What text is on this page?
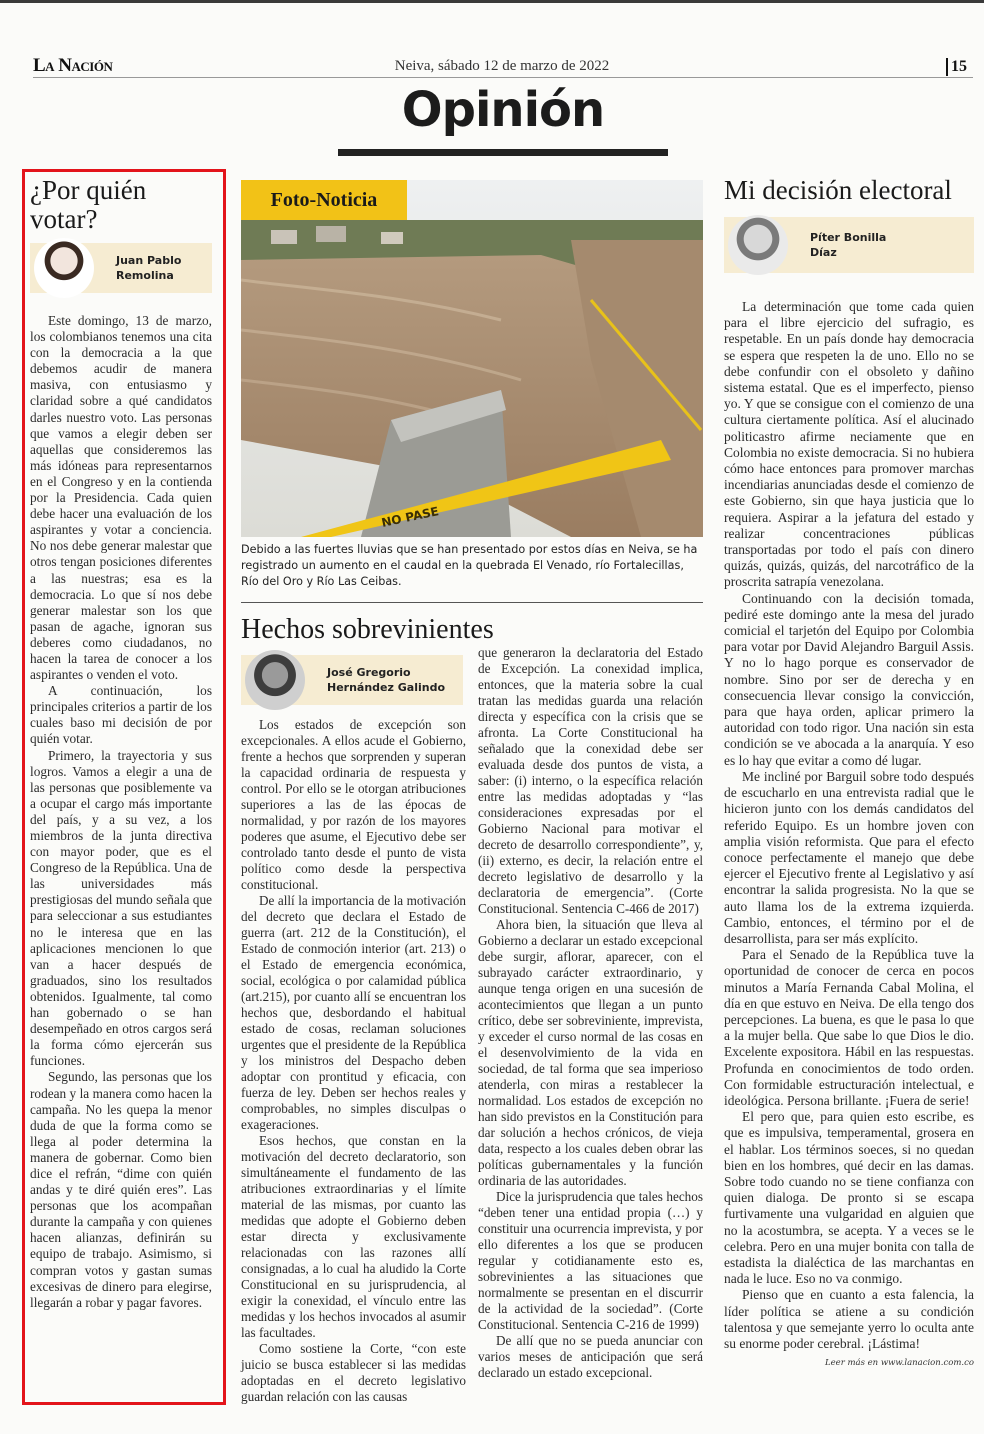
La Nación	Neiva, sábado 12 de marzo de 2022	15
Opinión
¿Por quién votar?
Juan Pablo
Remolina

Este domingo, 13 de marzo, los colombianos tenemos una cita con la democracia a la que debemos acudir de manera masiva, con entusiasmo y claridad sobre a qué candidatos darles nuestro voto. Las personas que vamos a elegir deben ser aquellas que consideremos las más idóneas para representarnos en el Congreso y en la contienda por la Presidencia. Cada quien debe hacer una evaluación de los aspirantes y votar a conciencia. No nos debe generar malestar que otros tengan posiciones diferentes a las nuestras; esa es la democracia. Lo que sí nos debe generar malestar son los que pasan de agache, ignoran sus deberes como ciudadanos, no hacen la tarea de conocer a los aspirantes o venden el voto.

A continuación, los principales criterios a partir de los cuales baso mi decisión de por quién votar.

Primero, la trayectoria y sus logros. Vamos a elegir a una de las personas que posiblemente va a ocupar el cargo más importante del país, y a su vez, a los miembros de la junta directiva con mayor poder, que es el Congreso de la República. Una de las universidades más prestigiosas del mundo señala que para seleccionar a sus estudiantes no le interesa que en las aplicaciones mencionen lo que van a hacer después de graduados, sino los resultados obtenidos. Igualmente, tal como han gobernado o se han desempeñado en otros cargos será la forma cómo ejercerán sus funciones.

Segundo, las personas que los rodean y la manera como hacen la campaña. No les quepa la menor duda de que la forma como se llega al poder determina la manera de gobernar. Como bien dice el refrán, “dime con quién andas y te diré quién eres”. Las personas que los acompañan durante la campaña y con quienes hacen alianzas, definirán su equipo de trabajo. Asimismo, si compran votos y gastan sumas excesivas de dinero para elegirse, llegarán a robar y pagar favores.

Foto-Noticia
NO PASE
Debido a las fuertes lluvias que se han presentado por estos días en Neiva, se ha registrado un aumento en el caudal en la quebrada El Venado, río Fortalecillas, Río del Oro y Río Las Ceibas.
Hechos sobrevinientes
José Gregorio
Hernández Galindo

Los estados de excepción son excepcionales. A ellos acude el Gobierno, frente a hechos que sorprenden y superan la capacidad ordinaria de respuesta y control. Por ello se le otorgan atribuciones superiores a las de las épocas de normalidad, y por razón de los mayores poderes que asume, el Ejecutivo debe ser controlado tanto desde el punto de vista político como desde la perspectiva constitucional.

De allí la importancia de la motivación del decreto que declara el Estado de guerra (art. 212 de la Constitución), el Estado de conmoción interior (art. 213) o el Estado de emergencia económica, social, ecológica o por calamidad pública (art.215), por cuanto allí se encuentran los hechos que, desbordando el habitual estado de cosas, reclaman soluciones urgentes que el presidente de la República y los ministros del Despacho deben adoptar con prontitud y eficacia, con fuerza de ley. Deben ser hechos reales y comprobables, no simples disculpas o exageraciones.

Esos hechos, que constan en la motivación del decreto declaratorio, son simultáneamente el fundamento de las atribuciones extraordinarias y el límite material de las mismas, por cuanto las medidas que adopte el Gobierno deben estar directa y exclusivamente relacionadas con las razones allí consignadas, a lo cual ha aludido la Corte Constitucional en su jurisprudencia, al exigir la conexidad, el vínculo entre las medidas y los hechos invocados al asumir las facultades.

Como sostiene la Corte, “con este juicio se busca establecer si las medidas adoptadas en el decreto legislativo guardan relación con las causas

que generaron la declaratoria del Estado de Excepción. La conexidad implica, entonces, que la materia sobre la cual tratan las medidas guarda una relación directa y específica con la crisis que se afronta. La Corte Constitucional ha señalado que la conexidad debe ser evaluada desde dos puntos de vista, a saber: (i) interno, o la específica relación entre las medidas adoptadas y “las consideraciones expresadas por el Gobierno Nacional para motivar el decreto de desarrollo correspondiente”, y, (ii) externo, es decir, la relación entre el decreto legislativo de desarrollo y la declaratoria de emergencia”. (Corte Constitucional. Sentencia C-466 de 2017)

Ahora bien, la situación que lleva al Gobierno a declarar un estado excepcional debe surgir, aflorar, aparecer, con el subrayado carácter extraordinario, y aunque tenga origen en una sucesión de acontecimientos que llegan a un punto crítico, debe ser sobreviniente, imprevista, y exceder el curso normal de las cosas en el desenvolvimiento de la vida en sociedad, de tal forma que sea imperioso atenderla, con miras a restablecer la normalidad. Los estados de excepción no han sido previstos en la Constitución para dar solución a hechos crónicos, de vieja data, respecto a los cuales deben obrar las políticas gubernamentales y la función ordinaria de las autoridades.

Dice la jurisprudencia que tales hechos “deben tener una entidad propia (…) y constituir una ocurrencia imprevista, y por ello diferentes a los que se producen regular y cotidianamente esto es, sobrevinientes a las situaciones que normalmente se presentan en el discurrir de la actividad de la sociedad”. (Corte Constitucional. Sentencia C-216 de 1999)

De allí que no se pueda anunciar con varios meses de anticipación que será declarado un estado excepcional.

Mi decisión electoral
Píter Bonilla
Díaz

La determinación que tome cada quien para el libre ejercicio del sufragio, es respetable. En un país donde hay democracia se espera que respeten la de uno. Ello no se debe confundir con el obsoleto y dañino sistema estatal. Que es el imperfecto, pienso yo. Y que se consigue con el comienzo de una cultura ciertamente política. Así el alucinado politicastro afirme neciamente que en Colombia no existe democracia. Si no hubiera cómo hace entonces para promover marchas incendiarias anunciadas desde el comienzo de este Gobierno, sin que haya justicia que lo requiera. Aspirar a la jefatura del estado y realizar concentraciones públicas transportadas por todo el país con dinero quizás, quizás, quizás, del narcotráfico de la proscrita satrapía venezolana.

Continuando con la decisión tomada, pediré este domingo ante la mesa del jurado comicial el tarjetón del Equipo por Colombia para votar por David Alejandro Barguil Assis. Y no lo hago porque es conservador de nombre. Sino por ser de derecha y en consecuencia llevar consigo la convicción, para que haya orden, aplicar primero la autoridad con todo rigor. Una nación sin esta condición se ve abocada a la anarquía. Y eso es lo hay que evitar a como dé lugar.

Me incliné por Barguil sobre todo después de escucharlo en una entrevista radial que le hicieron junto con los demás candidatos del referido Equipo. Es un hombre joven con amplia visión reformista. Que para el efecto conoce perfectamente el manejo que debe ejercer el Ejecutivo frente al Legislativo y así encontrar la salida progresista. No la que se auto llama los de la extrema izquierda. Cambio, entonces, el término por el de desarrollista, para ser más explícito.

Para el Senado de la República tuve la oportunidad de conocer de cerca en pocos minutos a María Fernanda Cabal Molina, el día en que estuvo en Neiva. De ella tengo dos percepciones. La buena, es que le pasa lo que a la mujer bella. Que sabe lo que Dios le dio. Excelente expositora. Hábil en las respuestas. Profunda en conocimientos de todo orden. Con formidable estructuración intelectual, e ideológica. Persona brillante. ¡Fuera de serie!

El pero que, para quien esto escribe, es que es impulsiva, temperamental, grosera en el hablar. Los términos soeces, si no quedan bien en los hombres, qué decir en las damas. Sobre todo cuando no se tiene confianza con quien dialoga. De pronto si se escapa furtivamente una vulgaridad en alguien que no la acostumbra, se acepta. Y a veces se le celebra. Pero en una mujer bonita con talla de estadista la dialéctica de las marchantas en nada le luce. Eso no va conmigo.

Pienso que en cuanto a esta falencia, la líder política se atiene a su condición talentosa y que semejante yerro lo oculta ante su enorme poder cerebral. ¡Lástima!

Leer más en www.lanacion.com.co
